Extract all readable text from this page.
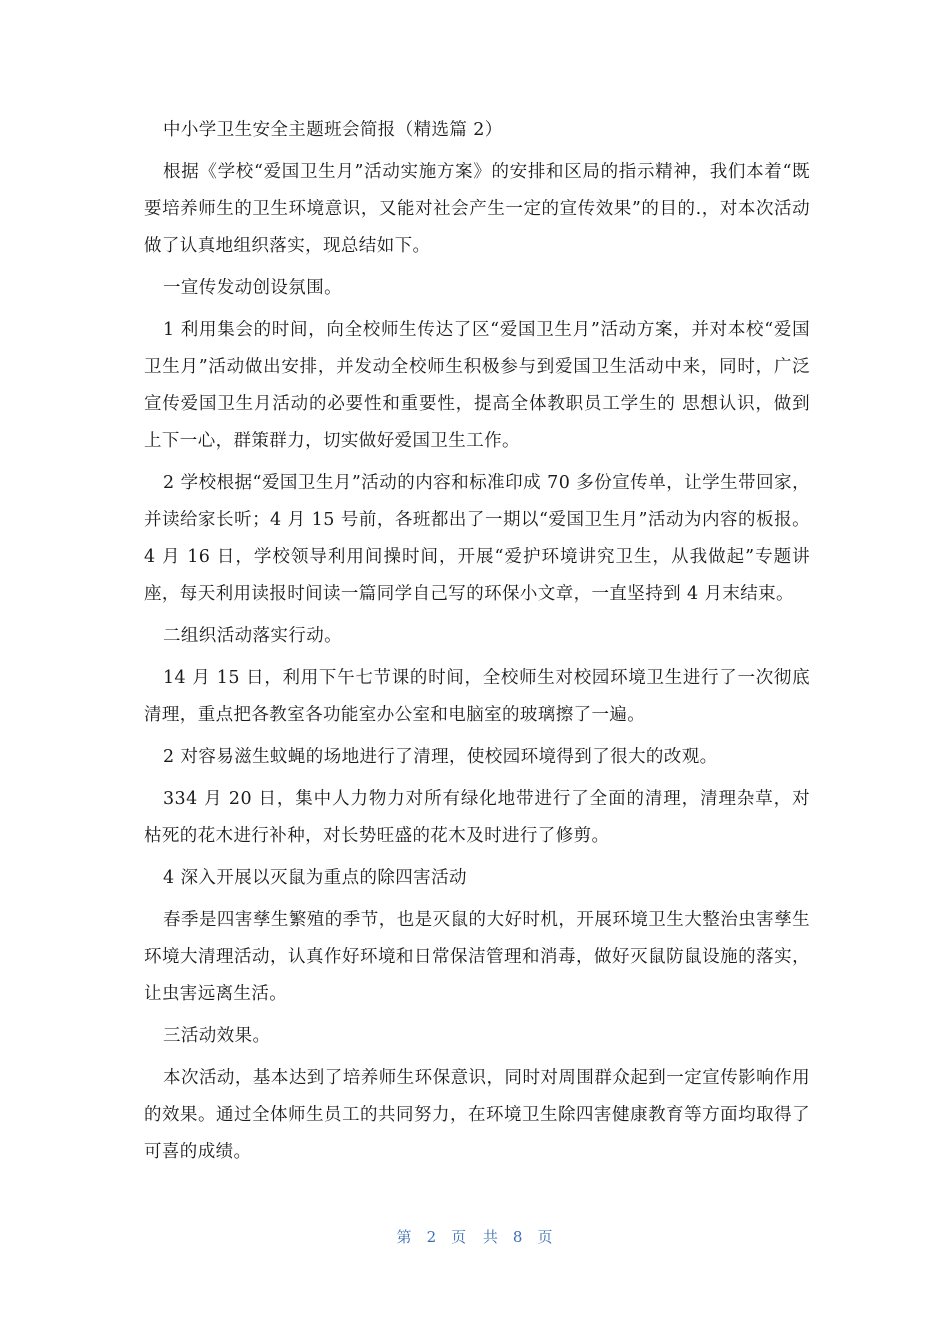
中小学卫生安全主题班会简报（精选篇 2）

根据《学校“爱国卫生月”活动实施方案》的安排和区局的指示精神，我们本着“既要培养师生的卫生环境意识，又能对社会产生一定的宣传效果”的目的.，对本次活动做了认真地组织落实，现总结如下。

一宣传发动创设氛围。

1 利用集会的时间，向全校师生传达了区“爱国卫生月”活动方案，并对本校“爱国卫生月”活动做出安排，并发动全校师生积极参与到爱国卫生活动中来，同时，广泛宣传爱国卫生月活动的必要性和重要性，提高全体教职员工学生的 思想认识，做到上下一心，群策群力，切实做好爱国卫生工作。

2 学校根据“爱国卫生月”活动的内容和标准印成 70 多份宣传单，让学生带回家，并读给家长听；4 月 15 号前，各班都出了一期以“爱国卫生月”活动为内容的板报。4 月 16 日，学校领导利用间操时间，开展“爱护环境讲究卫生，从我做起”专题讲座，每天利用读报时间读一篇同学自己写的环保小文章，一直坚持到 4 月末结束。

二组织活动落实行动。

14 月 15 日，利用下午七节课的时间，全校师生对校园环境卫生进行了一次彻底清理，重点把各教室各功能室办公室和电脑室的玻璃擦了一遍。

2 对容易滋生蚊蝇的场地进行了清理，使校园环境得到了很大的改观。

334 月 20 日，集中人力物力对所有绿化地带进行了全面的清理，清理杂草，对枯死的花木进行补种，对长势旺盛的花木及时进行了修剪。

4 深入开展以灭鼠为重点的除四害活动

春季是四害孳生繁殖的季节，也是灭鼠的大好时机，开展环境卫生大整治虫害孳生环境大清理活动，认真作好环境和日常保洁管理和消毒，做好灭鼠防鼠设施的落实，让虫害远离生活。

三活动效果。

本次活动，基本达到了培养师生环保意识，同时对周围群众起到一定宣传影响作用的效果。通过全体师生员工的共同努力，在环境卫生除四害健康教育等方面均取得了可喜的成绩。

第 2 页 共 8 页
